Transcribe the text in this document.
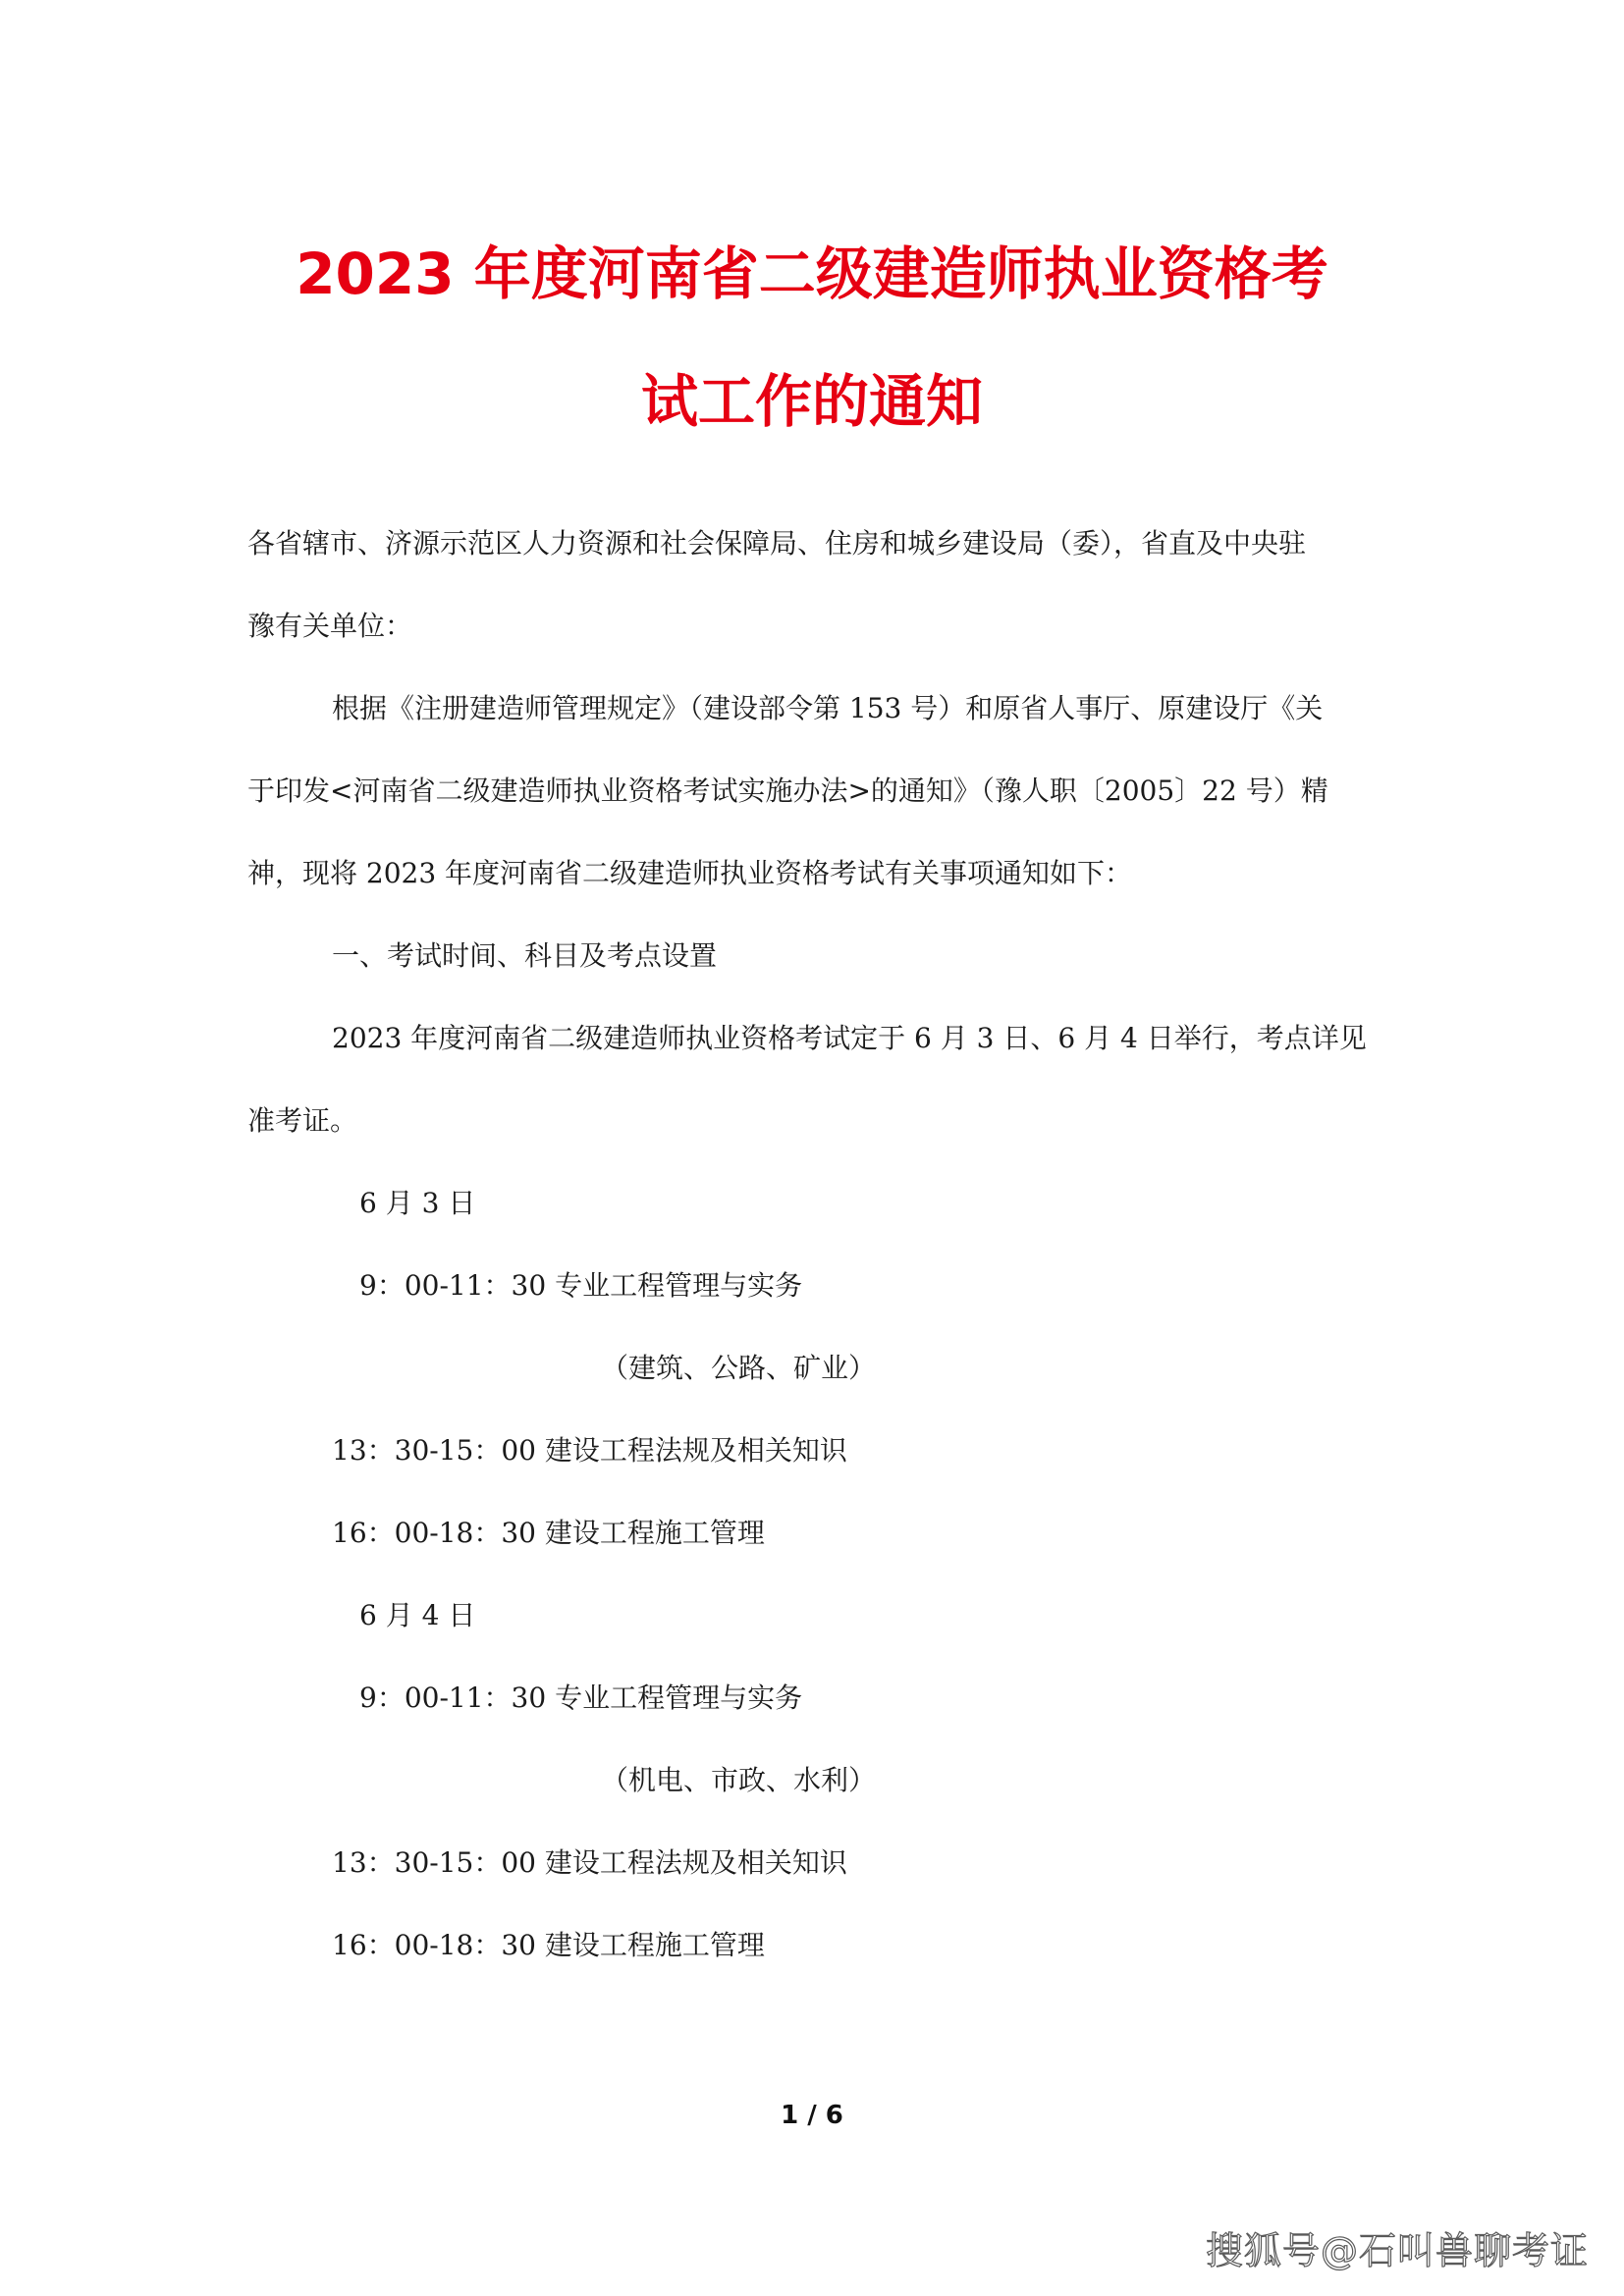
2023 年度河南省二级建造师执业资格考
试工作的通知
各省辖市、济源示范区人力资源和社会保障局、住房和城乡建设局（委），省直及中央驻
豫有关单位：
根据《注册建造师管理规定》（建设部令第 153 号）和原省人事厅、原建设厅《关
于印发<河南省二级建造师执业资格考试实施办法>的通知》（豫人职〔2005〕22 号）精
神，现将 2023 年度河南省二级建造师执业资格考试有关事项通知如下：
一、考试时间、科目及考点设置
2023 年度河南省二级建造师执业资格考试定于 6 月 3 日、6 月 4 日举行，考点详见
准考证。
6 月 3 日
9：00-11：30 专业工程管理与实务
（建筑、公路、矿业）
13：30-15：00 建设工程法规及相关知识
16：00-18：30 建设工程施工管理
6 月 4 日
9：00-11：30 专业工程管理与实务
（机电、市政、水利）
13：30-15：00 建设工程法规及相关知识
16：00-18：30 建设工程施工管理
1 / 6
搜狐号@石叫兽聊考证
